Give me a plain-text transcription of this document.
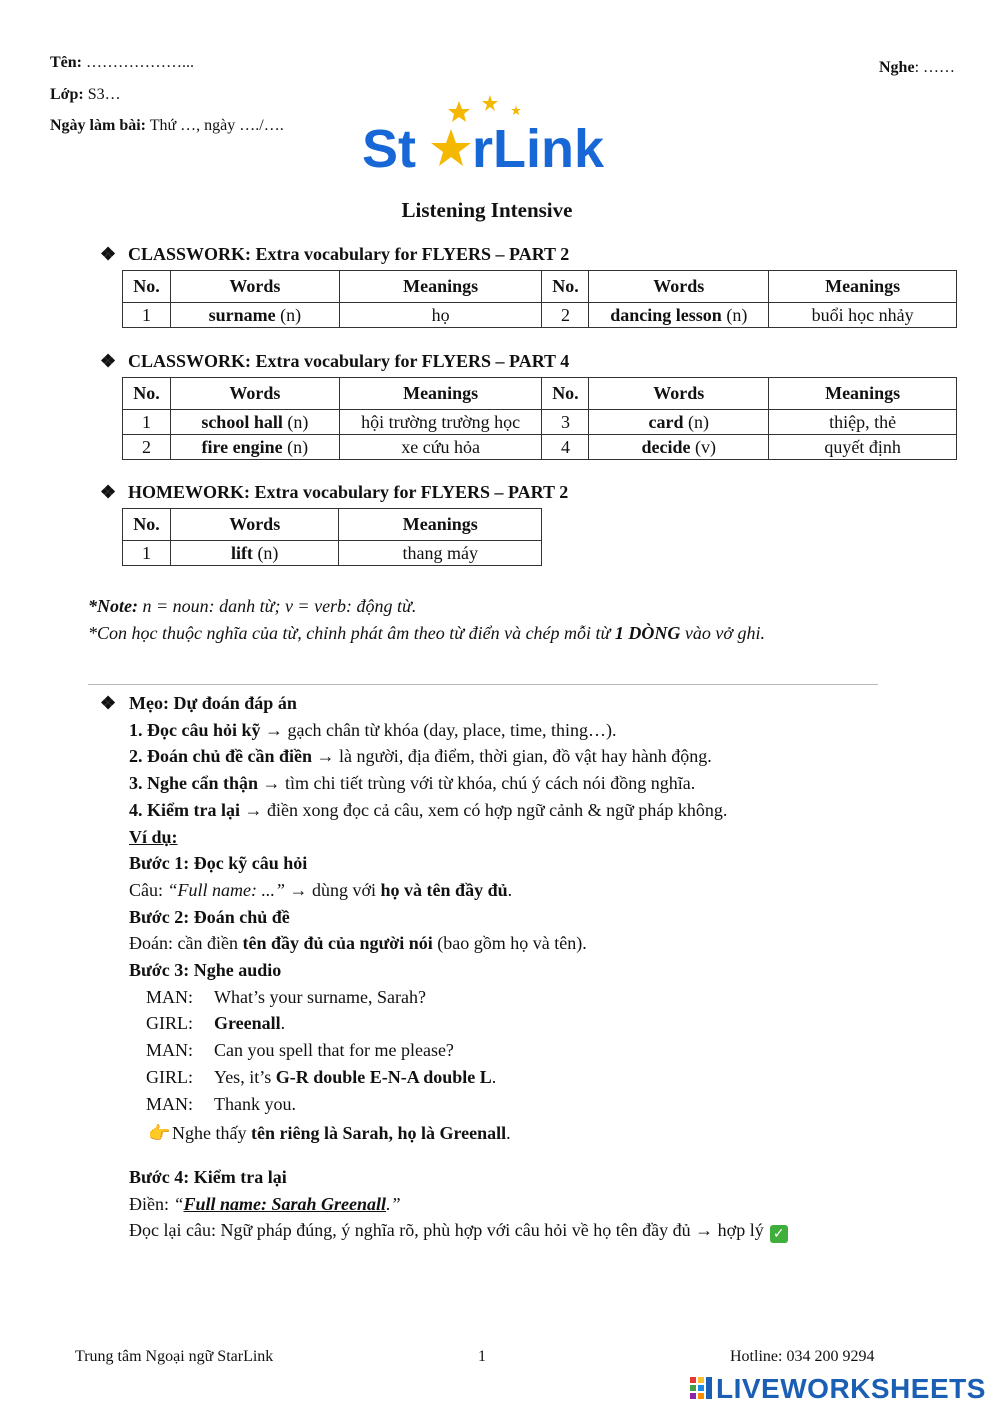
Tên: ………………...
Lớp: S3…
Ngày làm bài: Thứ …, ngày …./….
Nghe: ……
St rLink
Listening Intensive
❖ CLASSWORK: Extra vocabulary for FLYERS – PART 2
No.	Words	Meanings	No.	Words	Meanings
1	surname (n)	họ	2	dancing lesson (n)	buổi học nhảy
❖ CLASSWORK: Extra vocabulary for FLYERS – PART 4
No.	Words	Meanings	No.	Words	Meanings
1	school hall (n)	hội trường trường học	3	card (n)	thiệp, thẻ
2	fire engine (n)	xe cứu hỏa	4	decide (v)	quyết định
❖ HOMEWORK: Extra vocabulary for FLYERS – PART 2
No.	Words	Meanings
1	lift (n)	thang máy
*Note: n = noun: danh từ; v = verb: động từ.
*Con học thuộc nghĩa của từ, chỉnh phát âm theo từ điển và chép mỗi từ 1 DÒNG vào vở ghi.
❖ Mẹo: Dự đoán đáp án
1. Đọc câu hỏi kỹ → gạch chân từ khóa (day, place, time, thing…).
2. Đoán chủ đề cần điền → là người, địa điểm, thời gian, đồ vật hay hành động.
3. Nghe cẩn thận → tìm chi tiết trùng với từ khóa, chú ý cách nói đồng nghĩa.
4. Kiểm tra lại → điền xong đọc cả câu, xem có hợp ngữ cảnh & ngữ pháp không.
Ví dụ:
Bước 1: Đọc kỹ câu hỏi
Câu: “Full name: ...” → dùng với họ và tên đầy đủ.
Bước 2: Đoán chủ đề
Đoán: cần điền tên đầy đủ của người nói (bao gồm họ và tên).
Bước 3: Nghe audio
MAN: What’s your surname, Sarah?
GIRL: Greenall.
MAN: Can you spell that for me please?
GIRL: Yes, it’s G-R double E-N-A double L.
MAN: Thank you.
👉Nghe thấy tên riêng là Sarah, họ là Greenall.
Bước 4: Kiểm tra lại
Điền: “Full name: Sarah Greenall.”
Đọc lại câu: Ngữ pháp đúng, ý nghĩa rõ, phù hợp với câu hỏi về họ tên đầy đủ → hợp lý ✓
Trung tâm Ngoại ngữ StarLink	1	Hotline: 034 200 9294
LIVEWORKSHEETS
